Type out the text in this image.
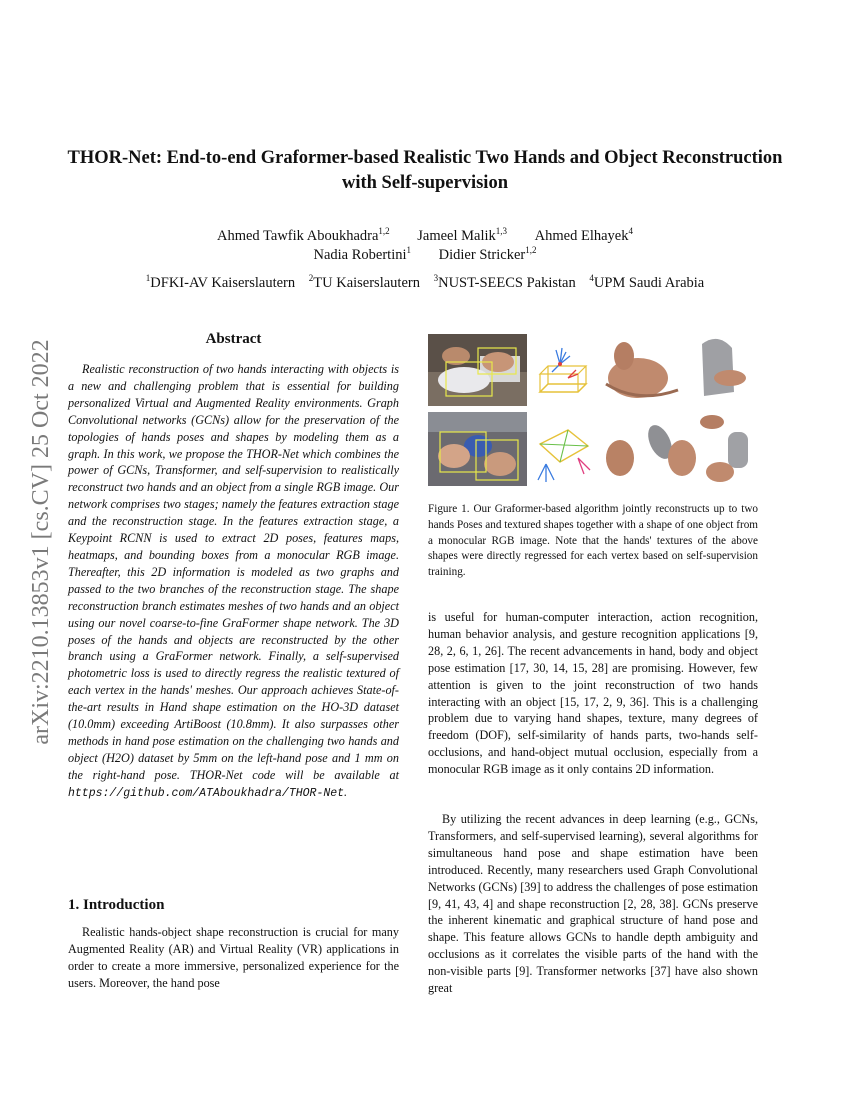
arXiv:2210.13853v1 [cs.CV] 25 Oct 2022
THOR-Net: End-to-end Graformer-based Realistic Two Hands and Object Reconstruction with Self-supervision
Ahmed Tawfik Aboukhadra$^{1,2}$ Jameel Malik$^{1,3}$ Ahmed Elhayek$^4$
Nadia Robertini$^1$ Didier Stricker$^{1,2}$
$^1$DFKI-AV Kaiserslautern $^2$TU Kaiserslautern $^3$NUST-SEECS Pakistan $^4$UPM Saudi Arabia
Abstract
Realistic reconstruction of two hands interacting with objects is a new and challenging problem that is essential for building personalized Virtual and Augmented Reality environments. Graph Convolutional networks (GCNs) allow for the preservation of the topologies of hands poses and shapes by modeling them as a graph. In this work, we propose the THOR-Net which combines the power of GCNs, Transformer, and self-supervision to realistically reconstruct two hands and an object from a single RGB image. Our network comprises two stages; namely the features extraction stage and the reconstruction stage. In the features extraction stage, a Keypoint RCNN is used to extract 2D poses, features maps, heatmaps, and bounding boxes from a monocular RGB image. Thereafter, this 2D information is modeled as two graphs and passed to the two branches of the reconstruction stage. The shape reconstruction branch estimates meshes of two hands and an object using our novel coarse-to-fine GraFormer shape network. The 3D poses of the hands and objects are reconstructed by the other branch using a GraFormer network. Finally, a self-supervised photometric loss is used to directly regress the realistic textured of each vertex in the hands' meshes. Our approach achieves State-of-the-art results in Hand shape estimation on the HO-3D dataset (10.0mm) exceeding ArtiBoost (10.8mm). It also surpasses other methods in hand pose estimation on the challenging two hands and object (H2O) dataset by 5mm on the left-hand pose and 1 mm on the right-hand pose. THOR-Net code will be available at https://github.com/ATAboukhadra/THOR-Net.
1. Introduction
Realistic hands-object shape reconstruction is crucial for many Augmented Reality (AR) and Virtual Reality (VR) applications in order to create a more immersive, personalized experience for the users. Moreover, the hand pose
Figure 1. Our Graformer-based algorithm jointly reconstructs up to two hands Poses and textured shapes together with a shape of one object from a monocular RGB image. Note that the hands' textures of the above shapes were directly regressed for each vertex based on self-supervision training.
is useful for human-computer interaction, action recognition, human behavior analysis, and gesture recognition applications [9, 28, 2, 6, 1, 26]. The recent advancements in hand, body and object pose estimation [17, 30, 14, 15, 28] are promising. However, few attention is given to the joint reconstruction of two hands interacting with an object [15, 17, 2, 9, 36]. This is a challenging problem due to varying hand shapes, texture, many degrees of freedom (DOF), self-similarity of hands parts, two-hands self-occlusions, and hand-object mutual occlusion, especially from a monocular RGB image as it only contains 2D information.
By utilizing the recent advances in deep learning (e.g., GCNs, Transformers, and self-supervised learning), several algorithms for simultaneous hand pose and shape estimation have been introduced. Recently, many researchers used Graph Convolutional Networks (GCNs) [39] to address the challenges of pose estimation [9, 41, 43, 4] and shape reconstruction [2, 28, 38]. GCNs preserve the inherent kinematic and graphical structure of hand pose and shape. This feature allows GCNs to handle depth ambiguity and occlusions as it correlates the visible parts of the hand with the non-visible parts [9]. Transformer networks [37] have also shown great
